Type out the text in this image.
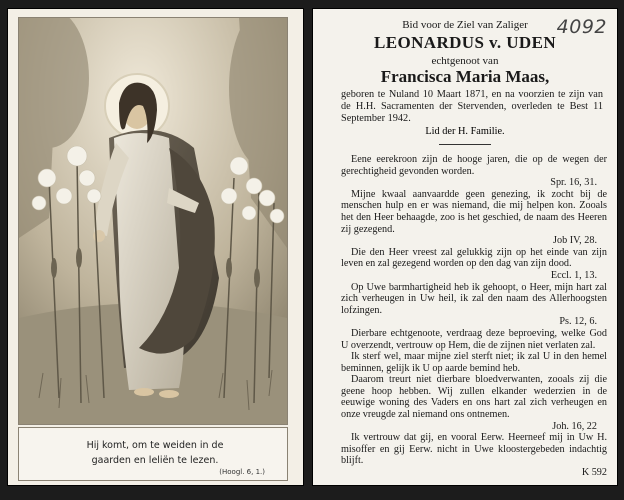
Hij komt, om te weiden in de
gaarden en leliën te lezen.
(Hoogl. 6, 1.)
4092
Bid voor de Ziel van Zaliger
LEONARDUS v. UDEN
echtgenoot van
Francisca Maria Maas,
geboren te Nuland 10 Maart 1871, en na voorzien te zijn van de H.H. Sacramenten der Stervenden, overleden te Best 11 September 1942.
Lid der H. Familie.

Eene eerekroon zijn de hooge jaren, die op de wegen der gerechtigheid gevonden worden.

Spr. 16, 31.

Mijne kwaal aanvaardde geen genezing, ik zocht bij de menschen hulp en er was niemand, die mij helpen kon. Zooals het den Heer behaagde, zoo is het geschied, de naam des Heeren zij gezegend.

Job IV, 28.

Die den Heer vreest zal gelukkig zijn op het einde van zijn leven en zal gezegend worden op den dag van zijn dood.

Eccl. 1, 13.

Op Uwe barmhartigheid heb ik gehoopt, o Heer, mijn hart zal zich verheugen in Uw heil, ik zal den naam des Allerhoogsten lofzingen.

Ps. 12, 6.

Dierbare echtgenoote, verdraag deze beproeving, welke God U overzendt, vertrouw op Hem, die de zijnen niet verlaten zal.

Ik sterf wel, maar mijne ziel sterft niet; ik zal U in den hemel beminnen, gelijk ik U op aarde bemind heb.

Daarom treurt niet dierbare bloedverwanten, zooals zij die geene hoop hebben. Wij zullen elkander wederzien in de eeuwige woning des Vaders en ons hart zal zich verheugen en onze vreugde zal niemand ons ontnemen.

Joh. 16, 22

Ik vertrouw dat gij, en vooral Eerw. Heerneef mij in Uw H. misoffer en gij Eerw. nicht in Uwe kloostergebeden indachtig blijft.

K 592
